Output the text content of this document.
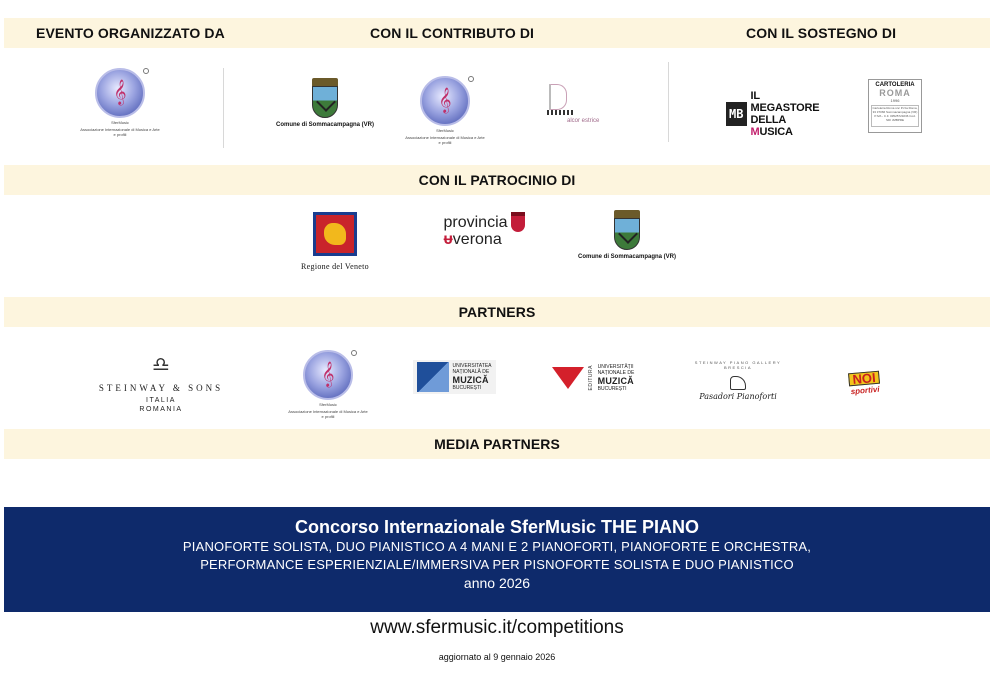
EVENTO ORGANIZZATO DA	CON IL CONTRIBUTO DI	CON IL SOSTEGNO DI
𝄞
SferMusic
Associazione Internazionale di Musica e Arte e profili
Comune di Sommacampagna (VR)
𝄞
SferMusic
Associazione Internazionale di Musica e Arte e profili
alcor estrice	MB
IL MEGASTORE
DELLA MUSICA
CARTOLERIA
ROMA
1996
Cartoleria Roma snc P.zza Roma, 33 37066 Sommacampagna (VR) P.IVA - C.F. 03525723236 Cod. SDI JMBPRE
CON IL PATROCINIO DI
Regione del Veneto
provincia
ᵾverona
Comune di Sommacampagna (VR)
PARTNERS
♎
STEINWAY & SONS
ITALIA
ROMANIA
𝄞
SferMusic
Associazione Internazionale di Musica e Arte e profili
UNIVERSITATEA
NAȚIONALĂ DE
MUZICĂ
BUCUREȘTI	EDITURA UNIVERSITĂȚII
NAȚIONALE DE
MUZICĂ
BUCUREȘTI
STEINWAY PIANO GALLERY
BRESCIA
Pasadori Pianoforti
NOI
sportivi
MEDIA PARTNERS
Concorso Internazionale SferMusic THE PIANO
PIANOFORTE SOLISTA, DUO PIANISTICO A 4 MANI E 2 PIANOFORTI, PIANOFORTE E ORCHESTRA,
PERFORMANCE ESPERIENZIALE/IMMERSIVA PER PISNOFORTE SOLISTA E DUO PIANISTICO
anno 2026
www.sfermusic.it/competitions
aggiornato al 9 gennaio 2026
